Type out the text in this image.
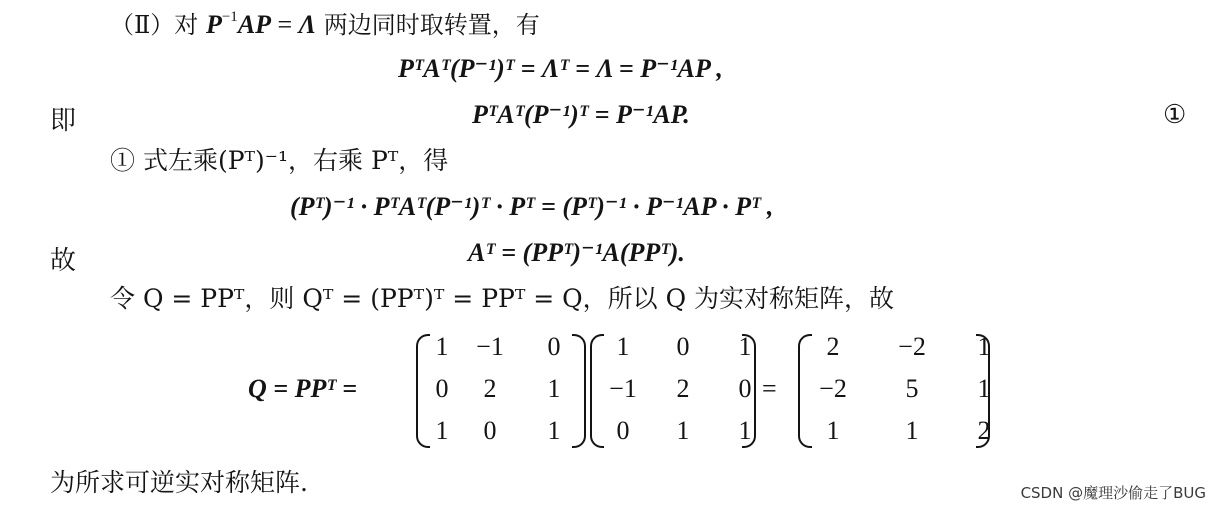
（Ⅱ）对 $P^{-1}AP = \Lambda$ 两边同时取转置，有
PᵀAᵀ(P⁻¹)ᵀ = Λᵀ = Λ = P⁻¹AP ,
即	PᵀAᵀ(P⁻¹)ᵀ = P⁻¹AP.	①
① 式左乘(Pᵀ)⁻¹，右乘 Pᵀ，得
(Pᵀ)⁻¹ · PᵀAᵀ(P⁻¹)ᵀ · Pᵀ = (Pᵀ)⁻¹ · P⁻¹AP · Pᵀ ,
故	Aᵀ = (PPᵀ)⁻¹A(PPᵀ).
令 Q = PPᵀ，则 Qᵀ = (PPᵀ)ᵀ = PPᵀ = Q，所以 Q 为实对称矩阵，故
Q = PPᵀ =
1	−1	0
0	2	1
1	0	1
1	0	1
−1	2	0
0	1	1
=
2	−2	1
−2	5	1
1	1	2
为所求可逆实对称矩阵.	CSDN @魔理沙偷走了BUG
